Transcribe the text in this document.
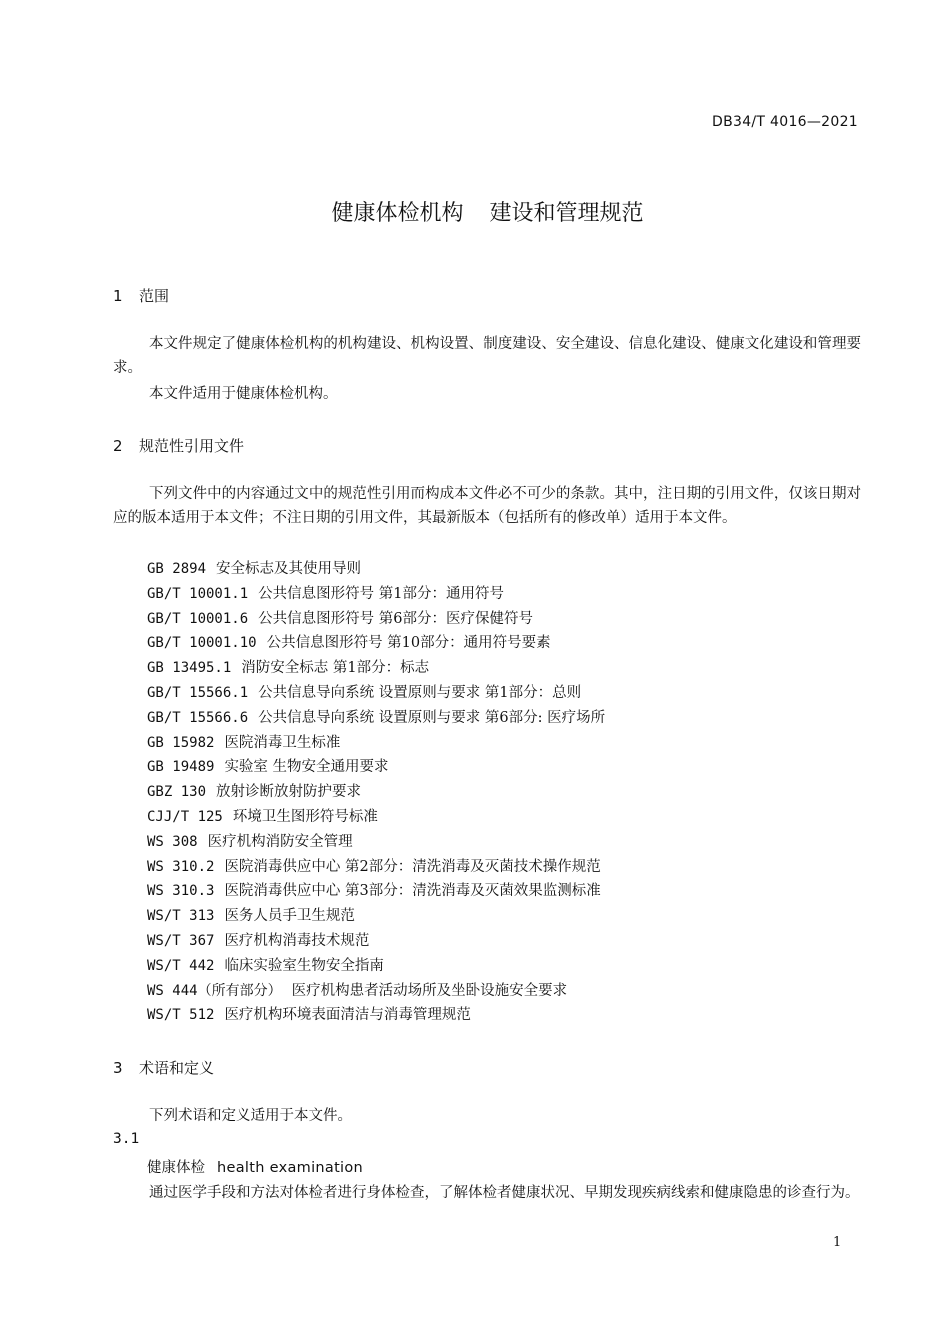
DB34/T 4016—2021
健康体检机构 建设和管理规范
1 范围
本文件规定了健康体检机构的机构建设、机构设置、制度建设、安全建设、信息化建设、健康文化建设和管理要求。
本文件适用于健康体检机构。
2 规范性引用文件
下列文件中的内容通过文中的规范性引用而构成本文件必不可少的条款。其中，注日期的引用文件，仅该日期对应的版本适用于本文件；不注日期的引用文件，其最新版本（包括所有的修改单）适用于本文件。
GB 2894 安全标志及其使用导则
GB/T 10001.1 公共信息图形符号 第1部分：通用符号
GB/T 10001.6 公共信息图形符号 第6部分：医疗保健符号
GB/T 10001.10 公共信息图形符号 第10部分：通用符号要素
GB 13495.1 消防安全标志 第1部分：标志
GB/T 15566.1 公共信息导向系统 设置原则与要求 第1部分：总则
GB/T 15566.6 公共信息导向系统 设置原则与要求 第6部分: 医疗场所
GB 15982 医院消毒卫生标准
GB 19489 实验室 生物安全通用要求
GBZ 130 放射诊断放射防护要求
CJJ/T 125 环境卫生图形符号标准
WS 308 医疗机构消防安全管理
WS 310.2 医院消毒供应中心 第2部分：清洗消毒及灭菌技术操作规范
WS 310.3 医院消毒供应中心 第3部分：清洗消毒及灭菌效果监测标准
WS/T 313 医务人员手卫生规范
WS/T 367 医疗机构消毒技术规范
WS/T 442 临床实验室生物安全指南
WS 444（所有部分） 医疗机构患者活动场所及坐卧设施安全要求
WS/T 512 医疗机构环境表面清洁与消毒管理规范
3 术语和定义
下列术语和定义适用于本文件。
3.1
健康体检 health examination
通过医学手段和方法对体检者进行身体检查，了解体检者健康状况、早期发现疾病线索和健康隐患的诊查行为。
1
